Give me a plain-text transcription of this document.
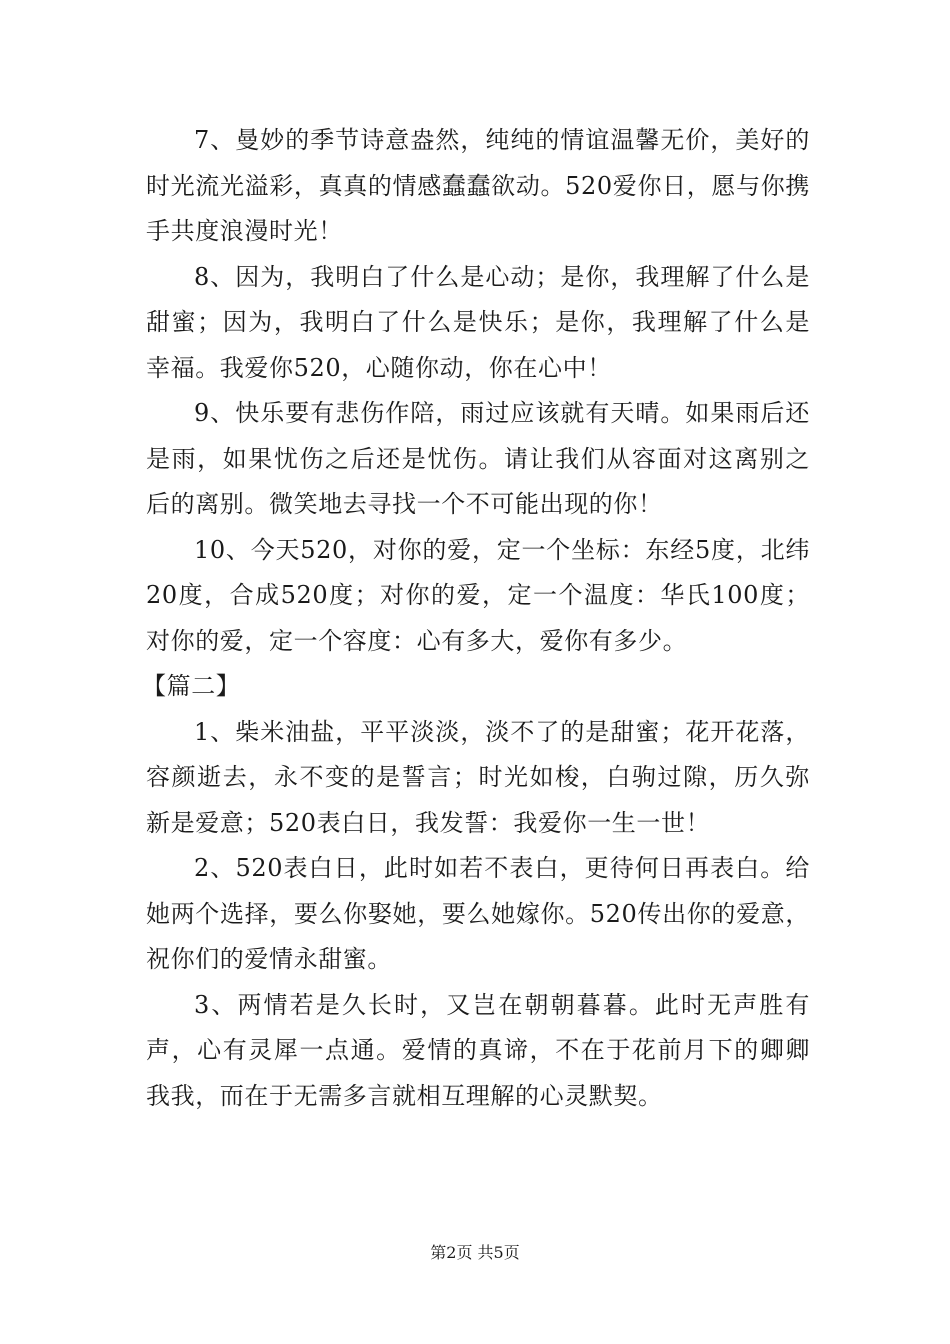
7、曼妙的季节诗意盎然，纯纯的情谊温馨无价，美好的时光流光溢彩，真真的情感蠢蠢欲动。520爱你日，愿与你携手共度浪漫时光！

8、因为，我明白了什么是心动；是你，我理解了什么是甜蜜；因为，我明白了什么是快乐；是你，我理解了什么是幸福。我爱你520，心随你动，你在心中！

9、快乐要有悲伤作陪，雨过应该就有天晴。如果雨后还是雨，如果忧伤之后还是忧伤。请让我们从容面对这离别之后的离别。微笑地去寻找一个不可能出现的你！

10、今天520，对你的爱，定一个坐标：东经5度，北纬20度，合成520度；对你的爱，定一个温度：华氏100度；对你的爱，定一个容度：心有多大，爱你有多少。

【篇二】

1、柴米油盐，平平淡淡，淡不了的是甜蜜；花开花落，容颜逝去，永不变的是誓言；时光如梭，白驹过隙，历久弥新是爱意；520表白日，我发誓：我爱你一生一世！

2、520表白日，此时如若不表白，更待何日再表白。给她两个选择，要么你娶她，要么她嫁你。520传出你的爱意，祝你们的爱情永甜蜜。

3、两情若是久长时，又岂在朝朝暮暮。此时无声胜有声，心有灵犀一点通。爱情的真谛，不在于花前月下的卿卿我我，而在于无需多言就相互理解的心灵默契。

第2页 共5页
